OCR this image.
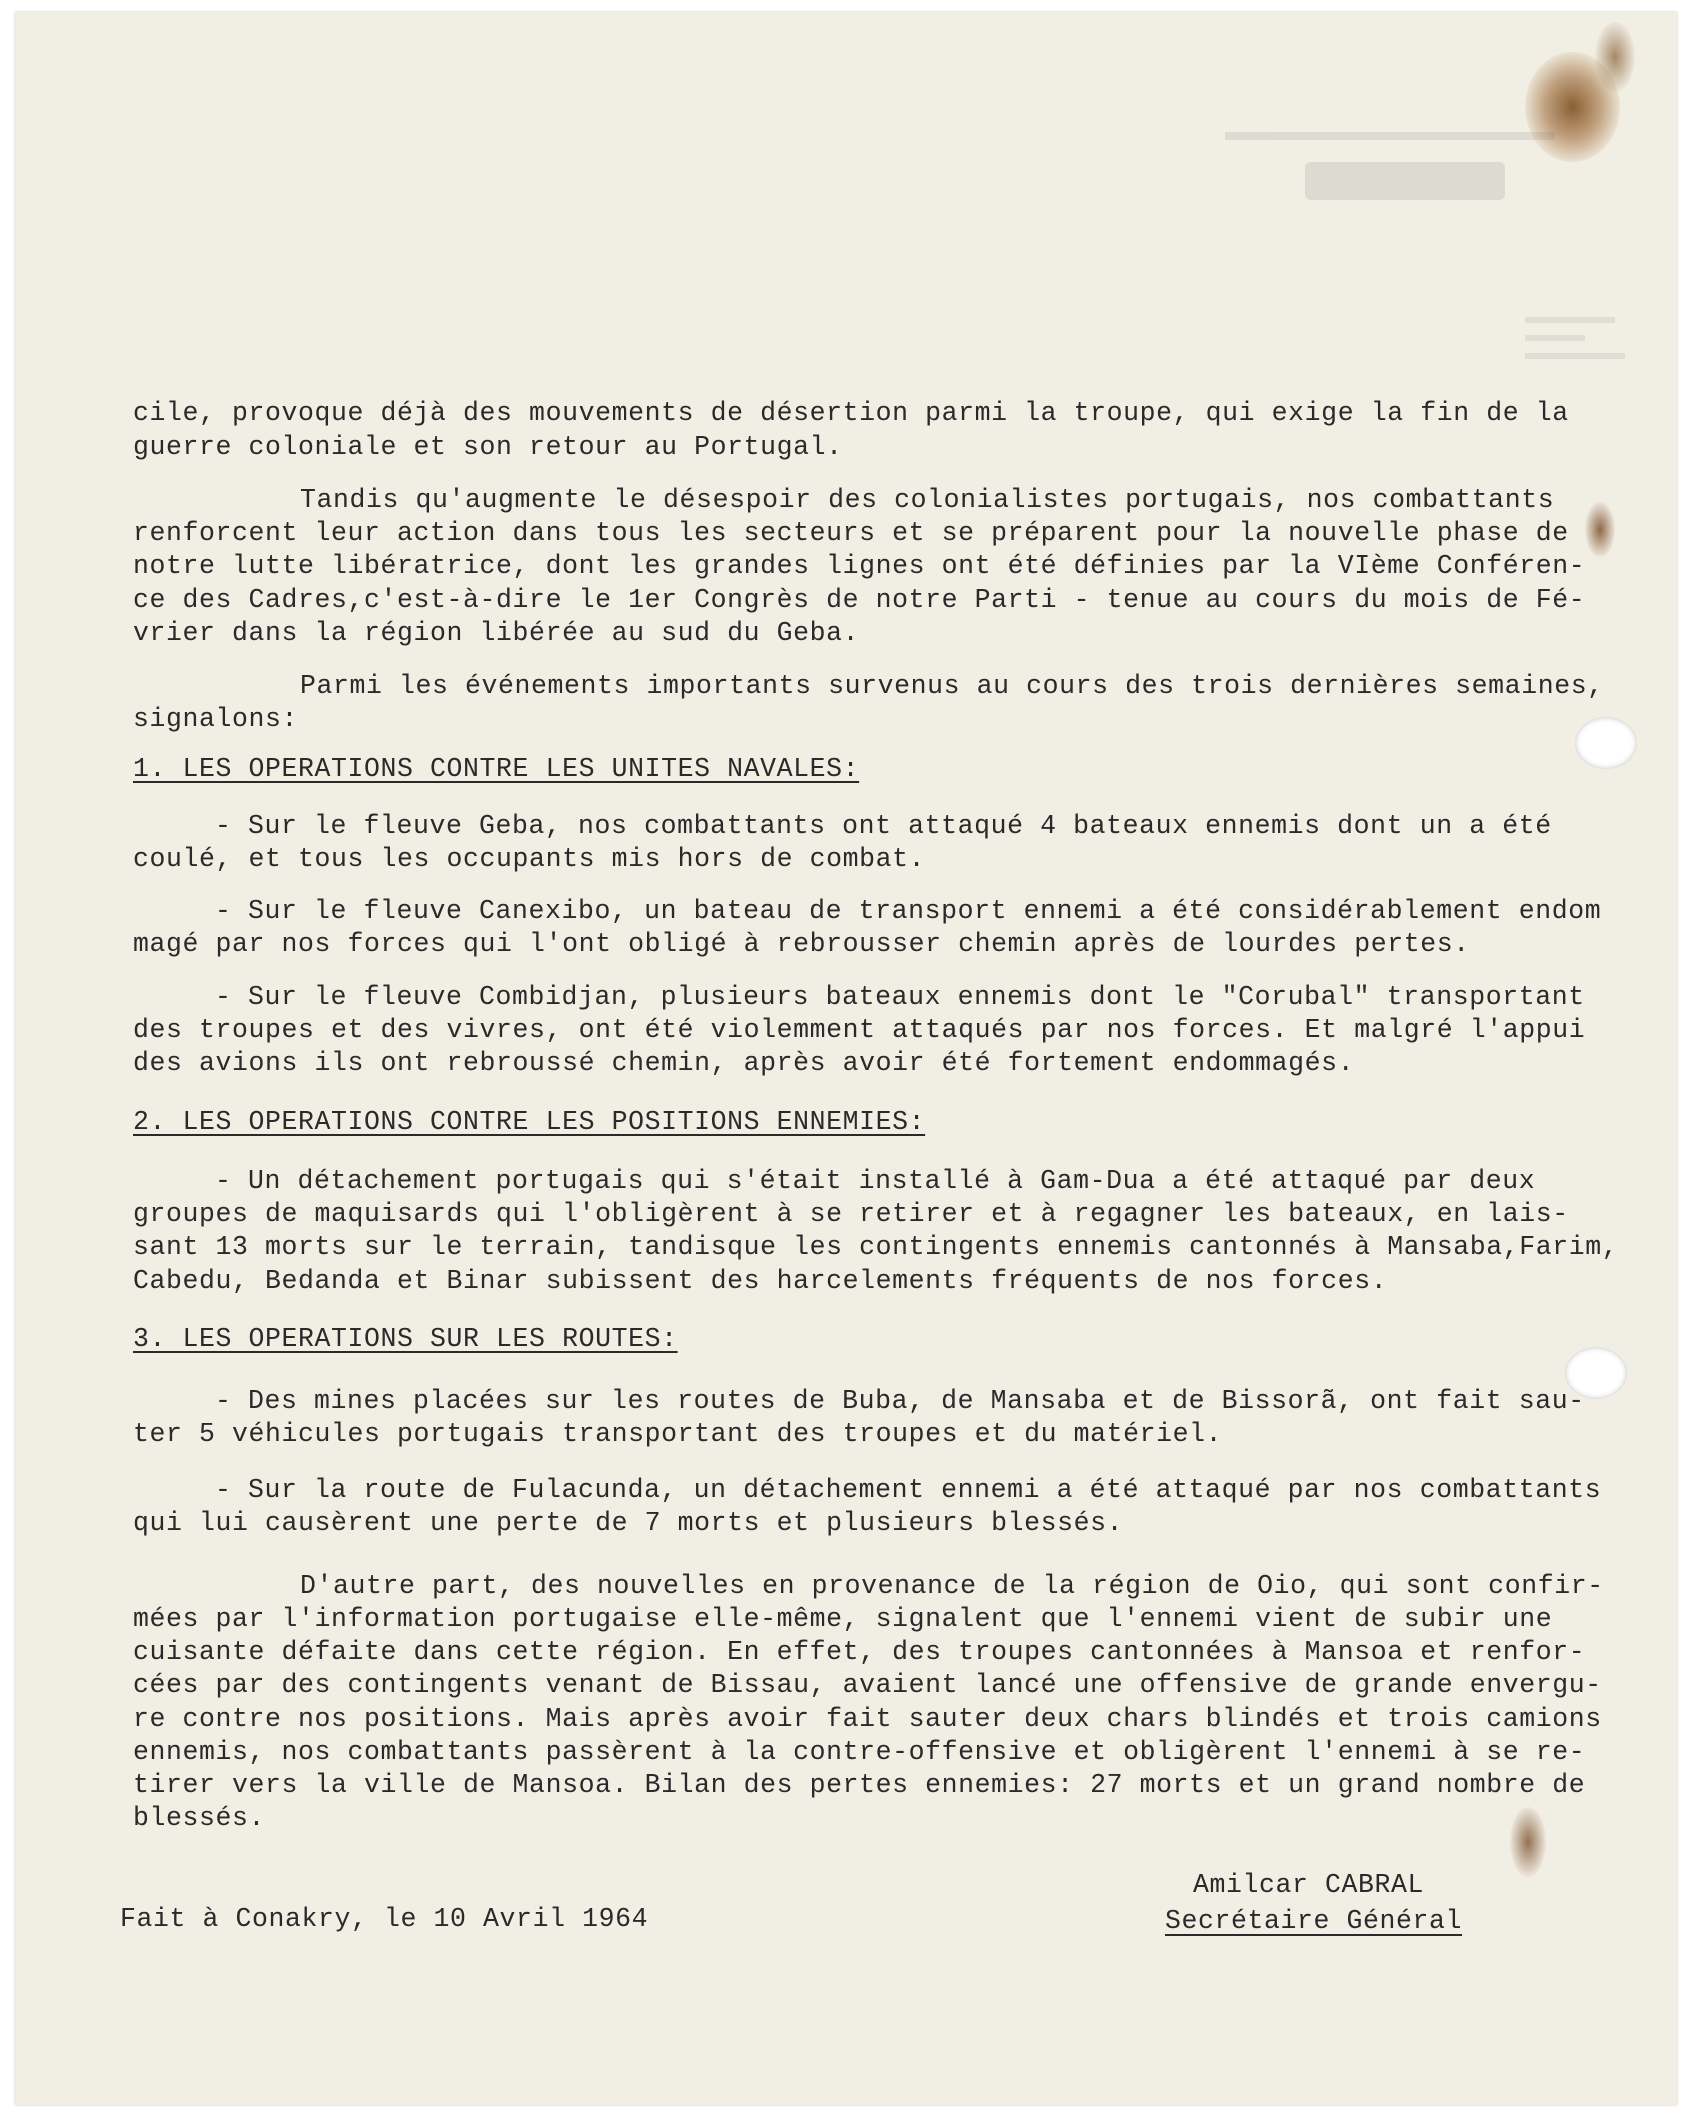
cile, provoque déjà des mouvements de désertion parmi la troupe, qui exige la fin de la
guerre coloniale et son retour au Portugal.
Tandis qu'augmente le désespoir des colonialistes portugais, nos combattants
renforcent leur action dans tous les secteurs et se préparent pour la nouvelle phase de
notre lutte libératrice, dont les grandes lignes ont été définies par la VIème Conféren-
ce des Cadres,c'est-à-dire le 1er Congrès de notre Parti - tenue au cours du mois de Fé-
vrier dans la région libérée au sud du Geba.
Parmi les événements importants survenus au cours des trois dernières semaines,
signalons:
1. LES OPERATIONS CONTRE LES UNITES NAVALES:
- Sur le fleuve Geba, nos combattants ont attaqué 4 bateaux ennemis dont un a été
coulé, et tous les occupants mis hors de combat.
- Sur le fleuve Canexibo, un bateau de transport ennemi a été considérablement endom
magé par nos forces qui l'ont obligé à rebrousser chemin après de lourdes pertes.
- Sur le fleuve Combidjan, plusieurs bateaux ennemis dont le "Corubal" transportant
des troupes et des vivres, ont été violemment attaqués par nos forces. Et malgré l'appui
des avions ils ont rebroussé chemin, après avoir été fortement endommagés.
2. LES OPERATIONS CONTRE LES POSITIONS ENNEMIES:
- Un détachement portugais qui s'était installé à Gam-Dua a été attaqué par deux
groupes de maquisards qui l'obligèrent à se retirer et à regagner les bateaux, en lais-
sant 13 morts sur le terrain, tandisque les contingents ennemis cantonnés à Mansaba,Farim,
Cabedu, Bedanda et Binar subissent des harcelements fréquents de nos forces.
3. LES OPERATIONS SUR LES ROUTES:
- Des mines placées sur les routes de Buba, de Mansaba et de Bissorã, ont fait sau-
ter 5 véhicules portugais transportant des troupes et du matériel.
- Sur la route de Fulacunda, un détachement ennemi a été attaqué par nos combattants
qui lui causèrent une perte de 7 morts et plusieurs blessés.
D'autre part, des nouvelles en provenance de la région de Oio, qui sont confir-
mées par l'information portugaise elle-même, signalent que l'ennemi vient de subir une
cuisante défaite dans cette région. En effet, des troupes cantonnées à Mansoa et renfor-
cées par des contingents venant de Bissau, avaient lancé une offensive de grande envergu-
re contre nos positions. Mais après avoir fait sauter deux chars blindés et trois camions
ennemis, nos combattants passèrent à la contre-offensive et obligèrent l'ennemi à se re-
tirer vers la ville de Mansoa. Bilan des pertes ennemies: 27 morts et un grand nombre de
blessés.
Fait à Conakry, le 10 Avril 1964
Amilcar CABRAL
Secrétaire Général
